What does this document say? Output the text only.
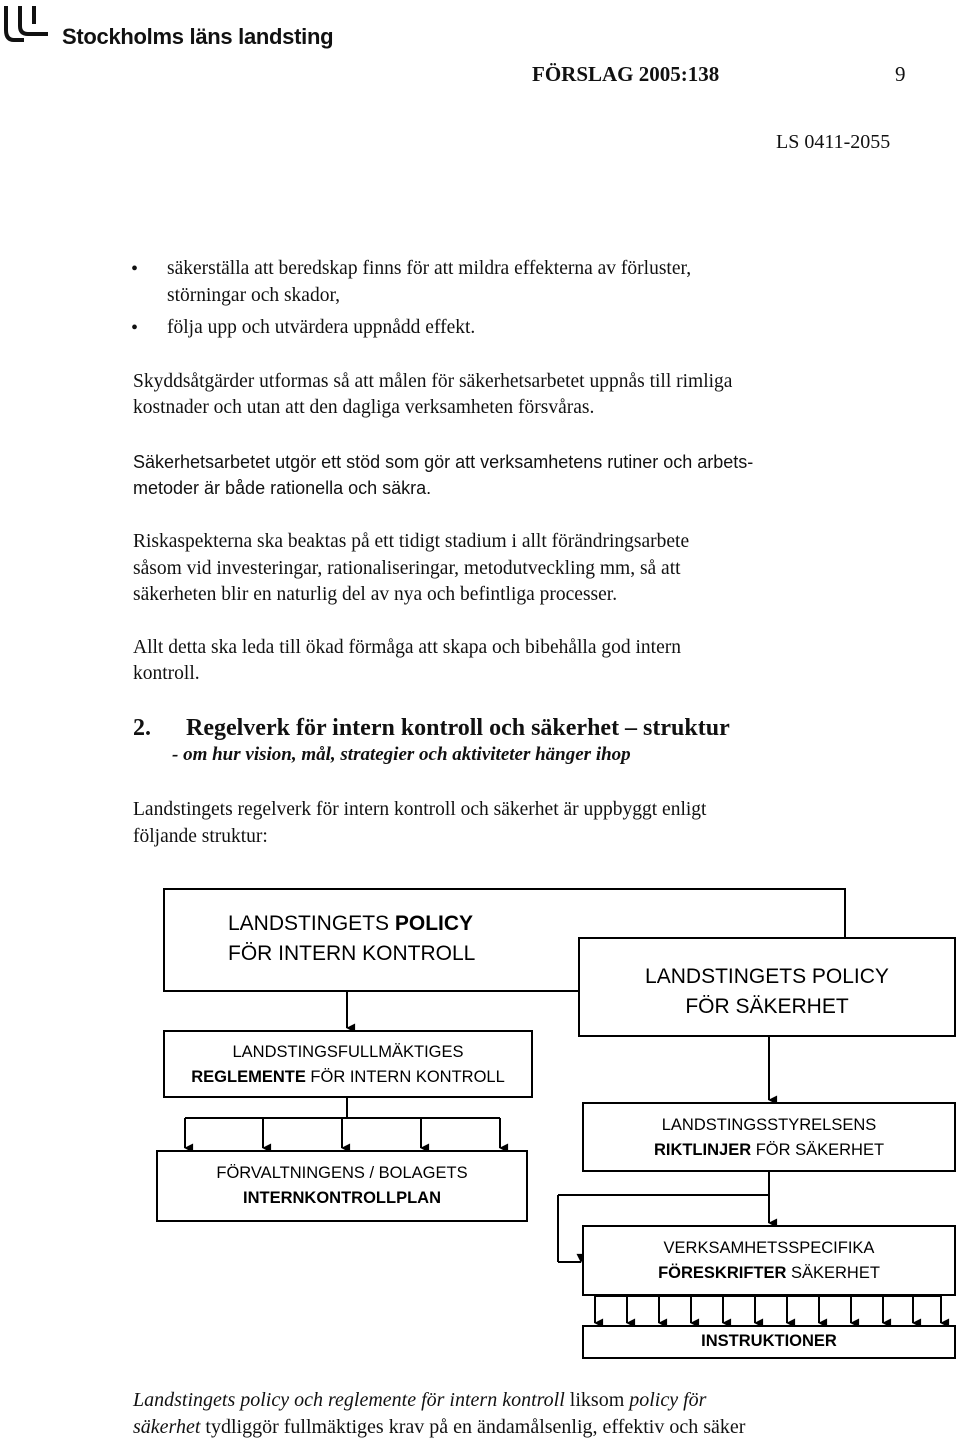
Stockholms läns landsting
FÖRSLAG 2005:138	9
LS 0411-2055
• säkerställa att beredskap finns för att mildra effekterna av förluster,
störningar och skador,
• följa upp och utvärdera uppnådd effekt.
Skyddsåtgärder utformas så att målen för säkerhetsarbetet uppnås till rimliga
kostnader och utan att den dagliga verksamheten försvåras.
Säkerhetsarbetet utgör ett stöd som gör att verksamhetens rutiner och arbets-
metoder är både rationella och säkra.
Riskaspekterna ska beaktas på ett tidigt stadium i allt förändringsarbete
såsom vid investeringar, rationaliseringar, metodutveckling mm, så att
säkerheten blir en naturlig del av nya och befintliga processer.
Allt detta ska leda till ökad förmåga att skapa och bibehålla god intern
kontroll.
2. Regelverk för intern kontroll och säkerhet – struktur
- om hur vision, mål, strategier och aktiviteter hänger ihop
Landstingets regelverk för intern kontroll och säkerhet är uppbyggt enligt
följande struktur:
LANDSTINGETS POLICY
FÖR INTERN KONTROLL
LANDSTINGETS POLICY
FÖR SÄKERHET
LANDSTINGSFULLMÄKTIGES
REGLEMENTE FÖR INTERN KONTROLL
LANDSTINGSSTYRELSENS
RIKTLINJER FÖR SÄKERHET
FÖRVALTNINGENS / BOLAGETS
INTERNKONTROLLPLAN
VERKSAMHETSSPECIFIKA
FÖRESKRIFTER SÄKERHET
INSTRUKTIONER
Landstingets policy och reglemente för intern kontroll liksom policy för
säkerhet tydliggör fullmäktiges krav på en ändamålsenlig, effektiv och säker
